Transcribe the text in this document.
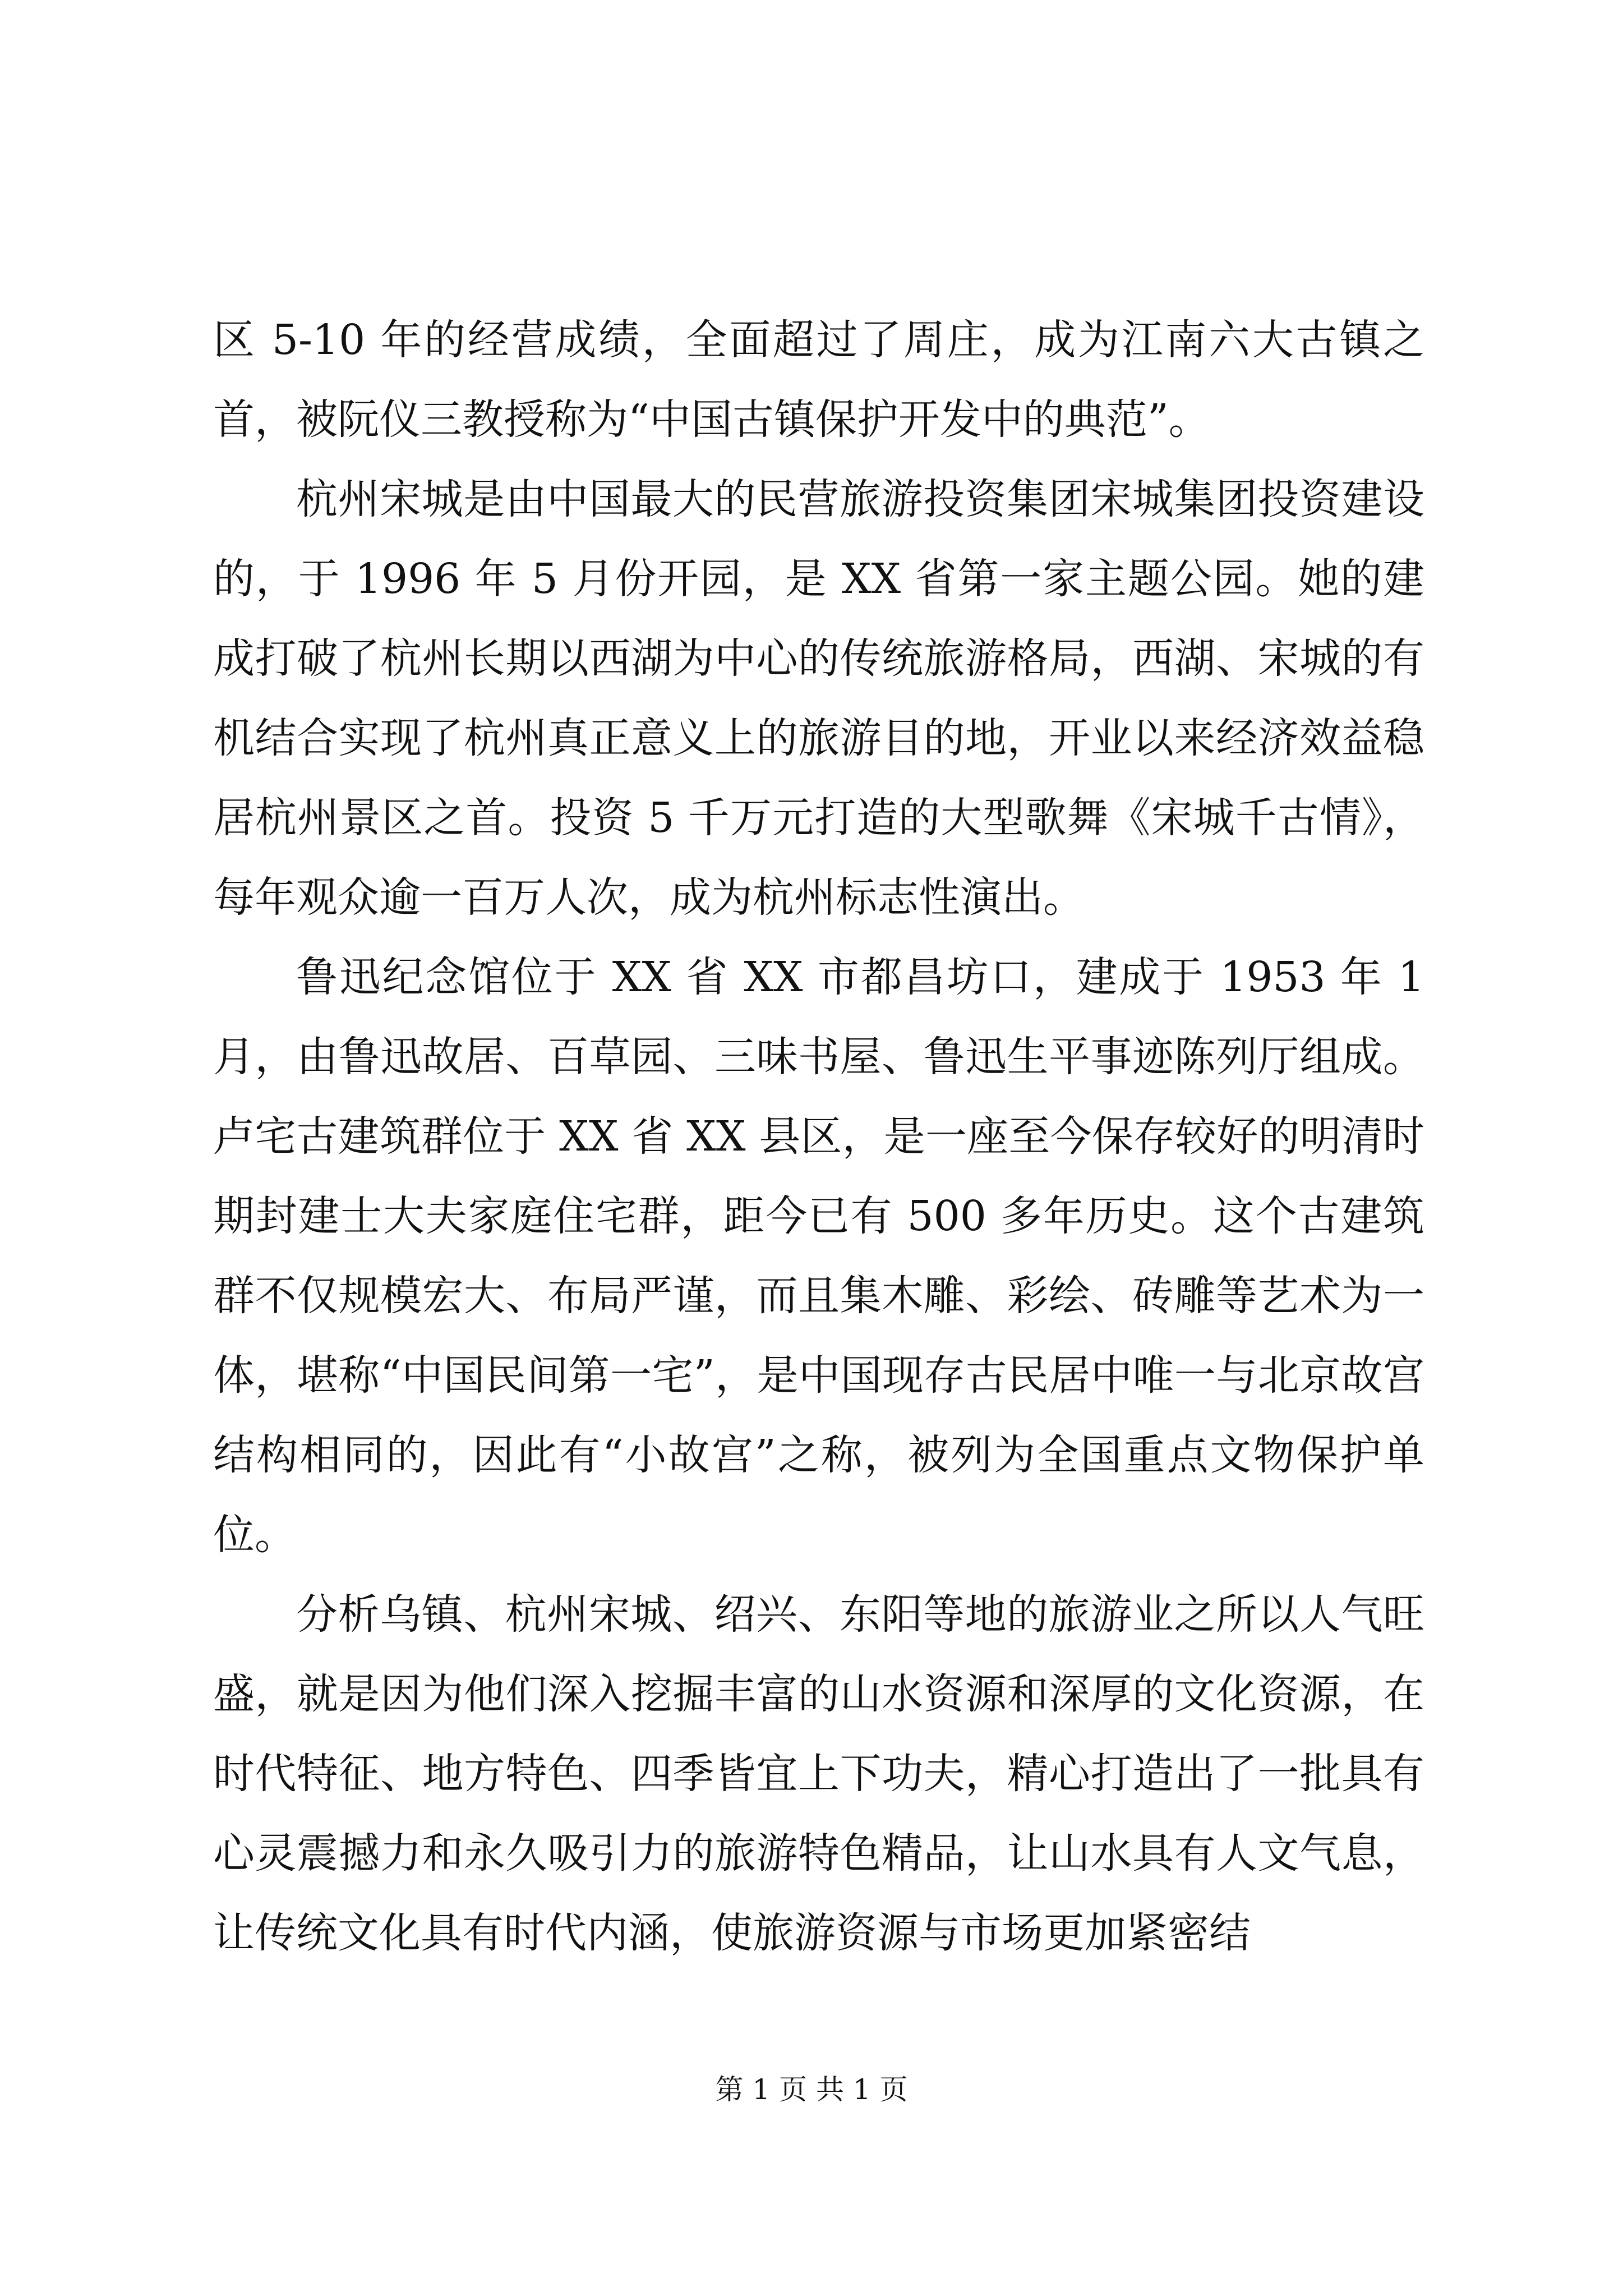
区 5-10 年的经营成绩，全面超过了周庄，成为江南六大古镇之首，被阮仪三教授称为“中国古镇保护开发中的典范”。

杭州宋城是由中国最大的民营旅游投资集团宋城集团投资建设的，于 1996 年 5 月份开园，是 XX 省第一家主题公园。她的建成打破了杭州长期以西湖为中心的传统旅游格局，西湖、宋城的有机结合实现了杭州真正意义上的旅游目的地，开业以来经济效益稳居杭州景区之首。投资 5 千万元打造的大型歌舞《宋城千古情》，每年观众逾一百万人次，成为杭州标志性演出。

鲁迅纪念馆位于 XX 省 XX 市都昌坊口，建成于 1953 年 1 月，由鲁迅故居、百草园、三味书屋、鲁迅生平事迹陈列厅组成。卢宅古建筑群位于 XX 省 XX 县区，是一座至今保存较好的明清时期封建士大夫家庭住宅群，距今已有 500 多年历史。这个古建筑群不仅规模宏大、布局严谨，而且集木雕、彩绘、砖雕等艺术为一体，堪称“中国民间第一宅”，是中国现存古民居中唯一与北京故宫结构相同的，因此有“小故宫”之称，被列为全国重点文物保护单位。

分析乌镇、杭州宋城、绍兴、东阳等地的旅游业之所以人气旺盛，就是因为他们深入挖掘丰富的山水资源和深厚的文化资源，在时代特征、地方特色、四季皆宜上下功夫，精心打造出了一批具有心灵震撼力和永久吸引力的旅游特色精品，让山水具有人文气息，让传统文化具有时代内涵，使旅游资源与市场更加紧密结

第 1 页 共 1 页
